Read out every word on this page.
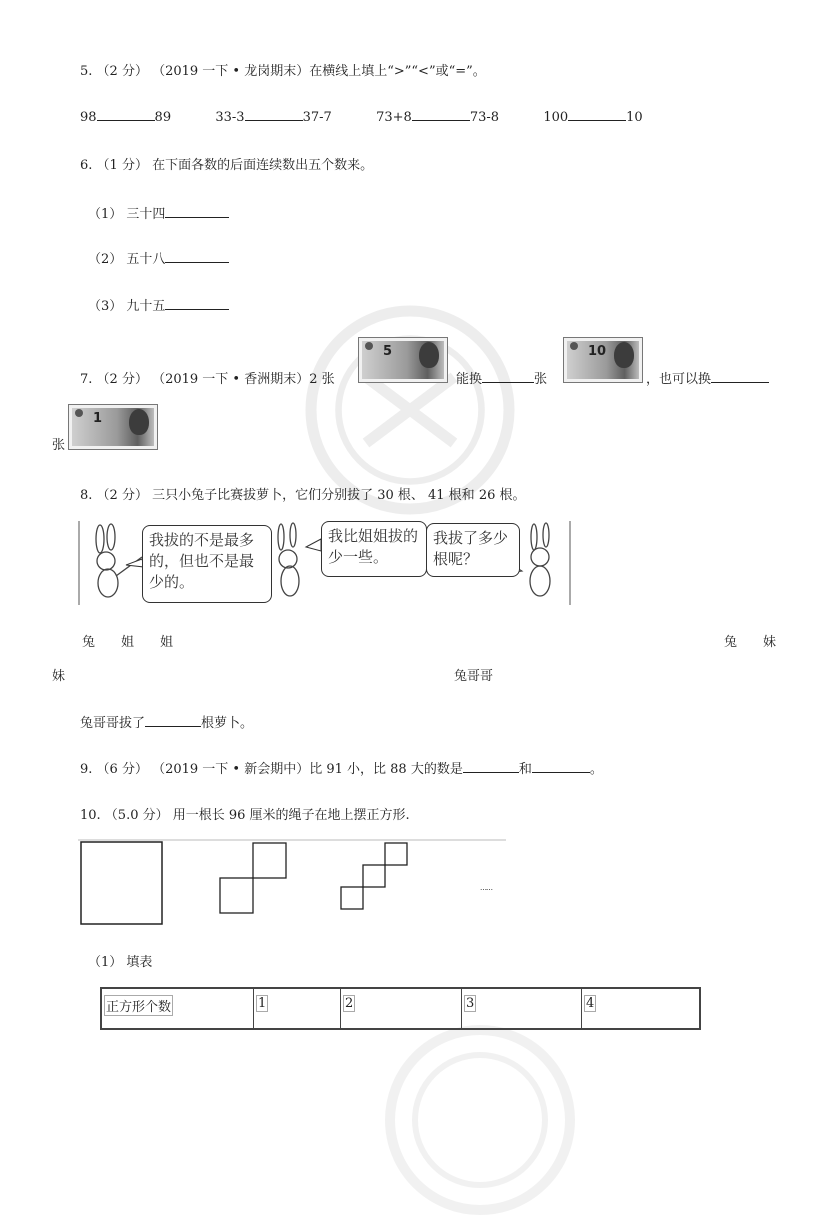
5. （2 分） （2019 一下 • 龙岗期末）在横线上填上“>”“<”或“=”。
98	89	33-3	37-7	73+8	73-8	100	10
6. （1 分） 在下面各数的后面连续数出五个数来。
（1） 三十四
（2） 五十八
（3） 九十五
7. （2 分） （2019 一下 • 香洲期末）2 张
5
能换	张
10
，也可以换
张
1
8. （2 分） 三只小兔子比赛拔萝卜，它们分别拔了 30 根、 41 根和 26 根。
我拔的不是最多的，但也不是最少的。
我比姐姐拔的少一些。
我拔了多少根呢？
兔　　姐　　姐	兔　　妹
妹	兔哥哥
兔哥哥拔了	根萝卜。
9. （6 分） （2019 一下 • 新会期中）比 91 小，比 88 大的数是	和	。
10. （5.0 分） 用一根长 96 厘米的绳子在地上摆正方形.
……
（1） 填表
正方形个数	1	2	3	4
